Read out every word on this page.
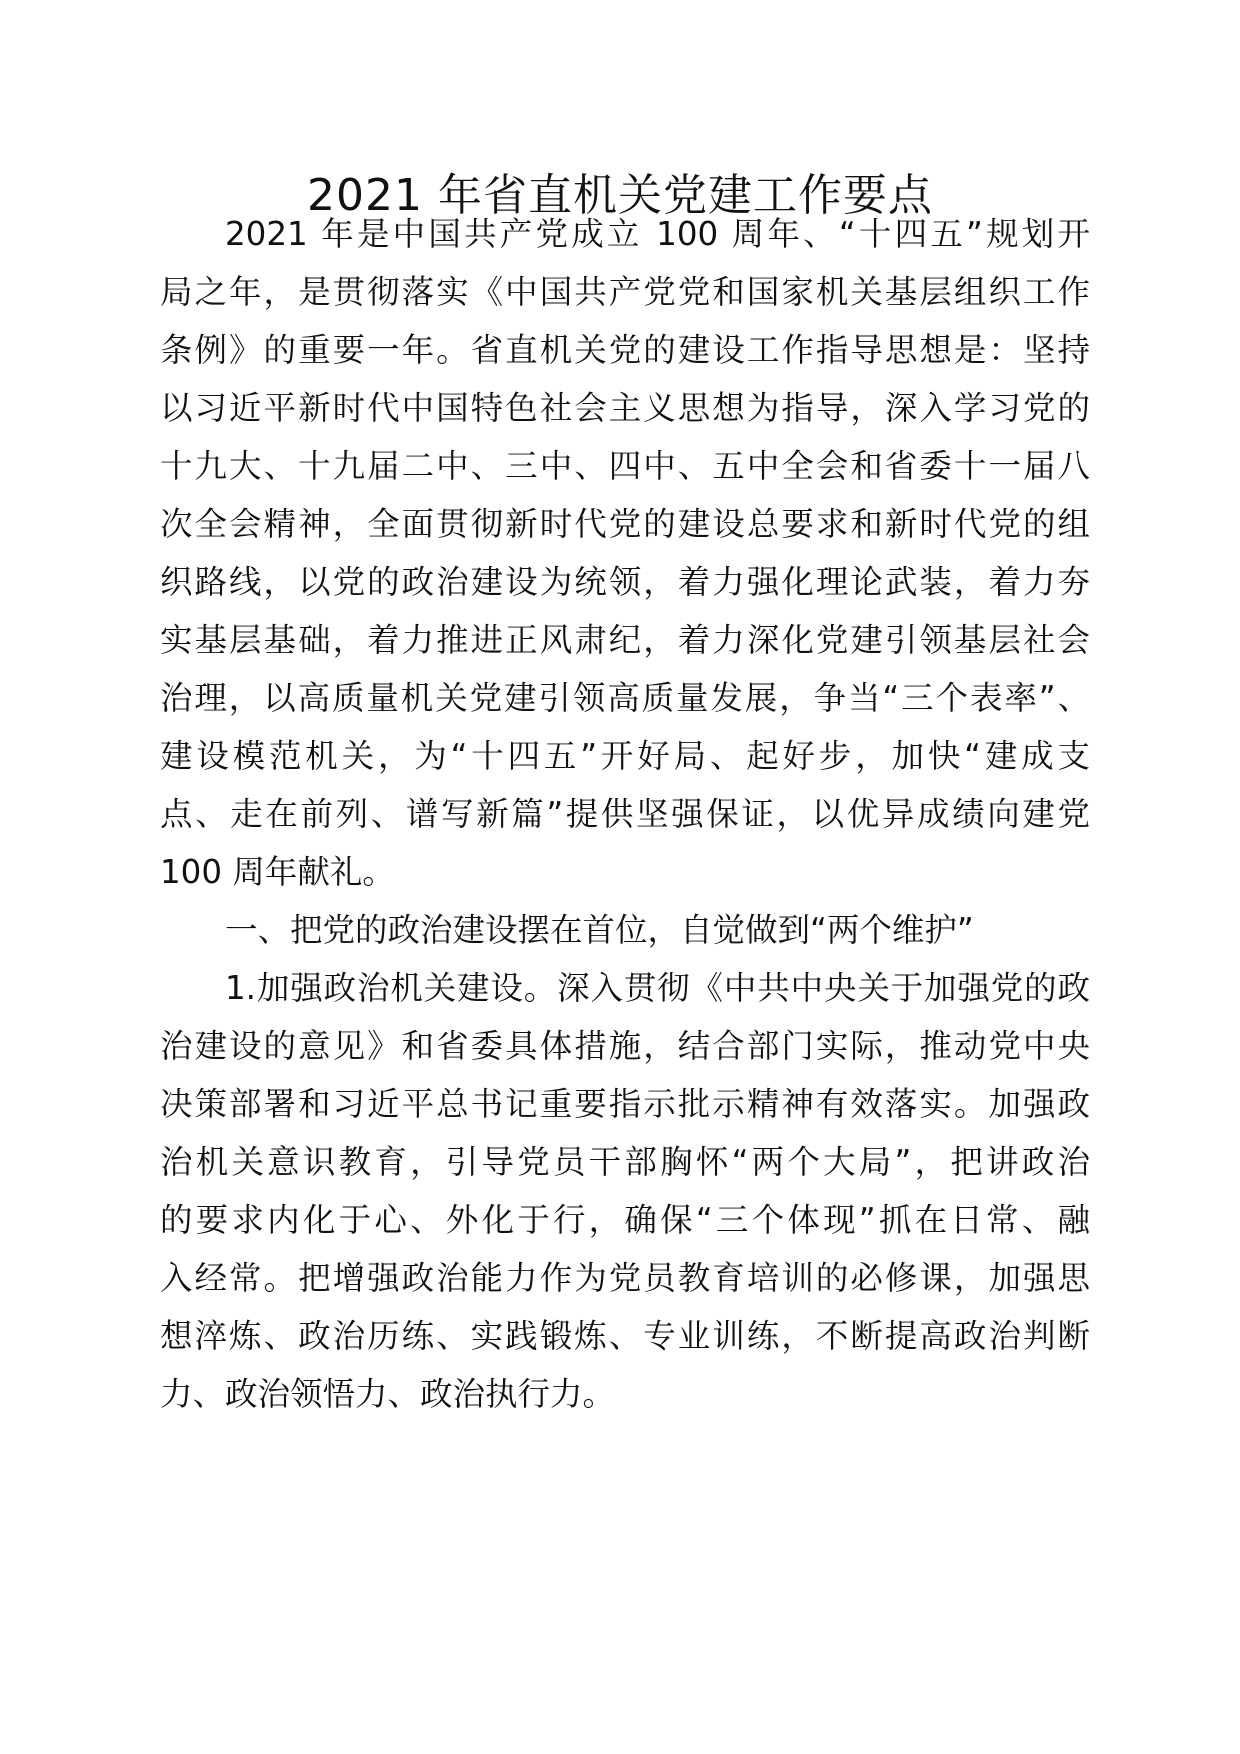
2021 年省直机关党建工作要点
2021 年是中国共产党成立 100 周年、“十四五”规划开
局之年，是贯彻落实《中国共产党党和国家机关基层组织工作
条例》的重要一年。省直机关党的建设工作指导思想是：坚持
以习近平新时代中国特色社会主义思想为指导，深入学习党的
十九大、十九届二中、三中、四中、五中全会和省委十一届八
次全会精神，全面贯彻新时代党的建设总要求和新时代党的组
织路线，以党的政治建设为统领，着力强化理论武装，着力夯
实基层基础，着力推进正风肃纪，着力深化党建引领基层社会
治理，以高质量机关党建引领高质量发展，争当“三个表率”、
建设模范机关，为“十四五”开好局、起好步，加快“建成支
点、走在前列、谱写新篇”提供坚强保证，以优异成绩向建党
100 周年献礼。
一、把党的政治建设摆在首位，自觉做到“两个维护”
1.加强政治机关建设。深入贯彻《中共中央关于加强党的政
治建设的意见》和省委具体措施，结合部门实际，推动党中央
决策部署和习近平总书记重要指示批示精神有效落实。加强政
治机关意识教育，引导党员干部胸怀“两个大局”，把讲政治
的要求内化于心、外化于行，确保“三个体现”抓在日常、融
入经常。把增强政治能力作为党员教育培训的必修课，加强思
想淬炼、政治历练、实践锻炼、专业训练，不断提高政治判断
力、政治领悟力、政治执行力。
